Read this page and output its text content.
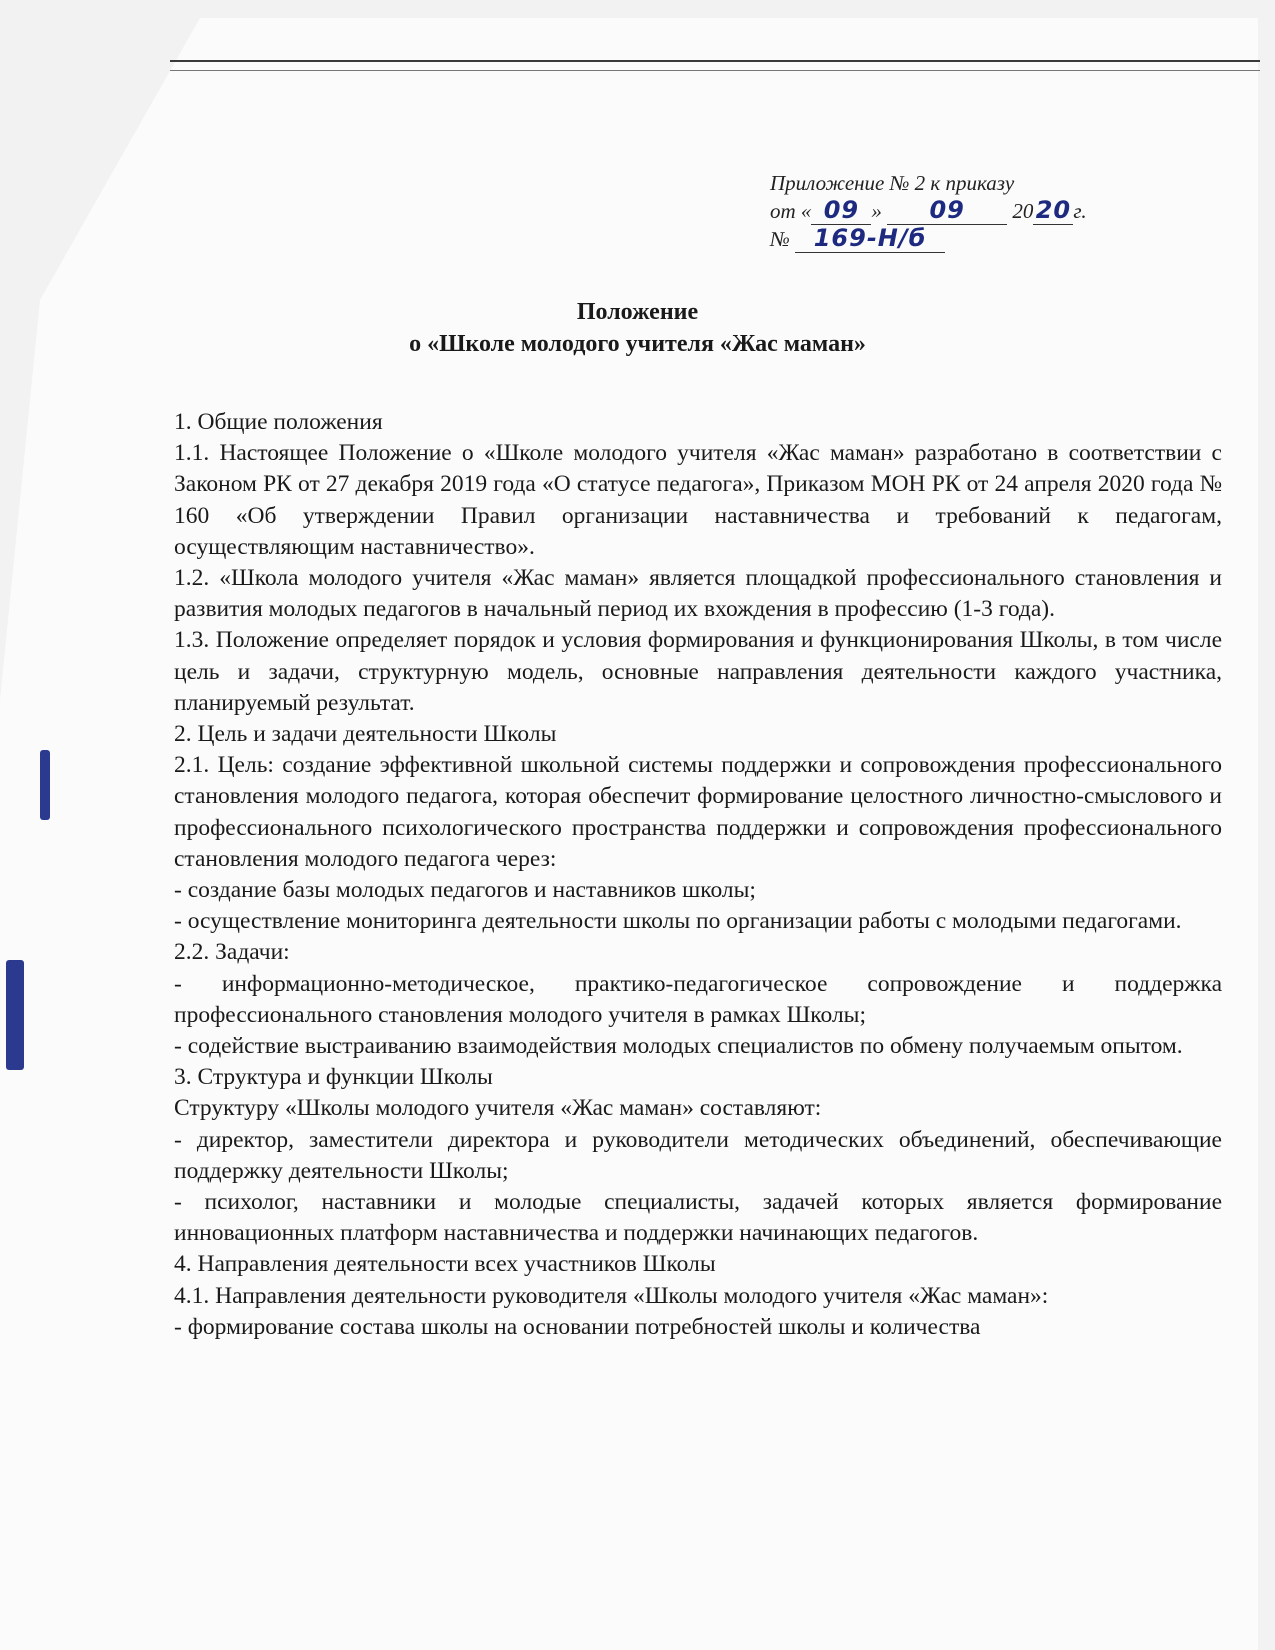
Приложение № 2 к приказу
от « 09 » 09 2020 г.
№ 169-Н/б
Положение
о «Школе молодого учителя «Жас маман»

1. Общие положения

1.1. Настоящее Положение о «Школе молодого учителя «Жас маман» разработано в соответствии с Законом РК от 27 декабря 2019 года «О статусе педагога», Приказом МОН РК от 24 апреля 2020 года № 160 «Об утверждении Правил организации наставничества и требований к педагогам, осуществляющим наставничество».

1.2. «Школа молодого учителя «Жас маман» является площадкой профессионального становления и развития молодых педагогов в начальный период их вхождения в профессию (1-3 года).

1.3. Положение определяет порядок и условия формирования и функционирования Школы, в том числе цель и задачи, структурную модель, основные направления деятельности каждого участника, планируемый результат.

2. Цель и задачи деятельности Школы

2.1. Цель: создание эффективной школьной системы поддержки и сопровождения профессионального становления молодого педагога, которая обеспечит формирование целостного личностно-смыслового и профессионального психологического пространства поддержки и сопровождения профессионального становления молодого педагога через:

- создание базы молодых педагогов и наставников школы;

- осуществление мониторинга деятельности школы по организации работы с молодыми педагогами.

2.2. Задачи:

- информационно-методическое, практико-педагогическое сопровождение и поддержка профессионального становления молодого учителя в рамках Школы;

- содействие выстраиванию взаимодействия молодых специалистов по обмену получаемым опытом.

3. Структура и функции Школы

Структуру «Школы молодого учителя «Жас маман» составляют:

- директор, заместители директора и руководители методических объединений, обеспечивающие поддержку деятельности Школы;

- психолог, наставники и молодые специалисты, задачей которых является формирование инновационных платформ наставничества и поддержки начинающих педагогов.

4. Направления деятельности всех участников Школы

4.1. Направления деятельности руководителя «Школы молодого учителя «Жас маман»:

- формирование состава школы на основании потребностей школы и количества
